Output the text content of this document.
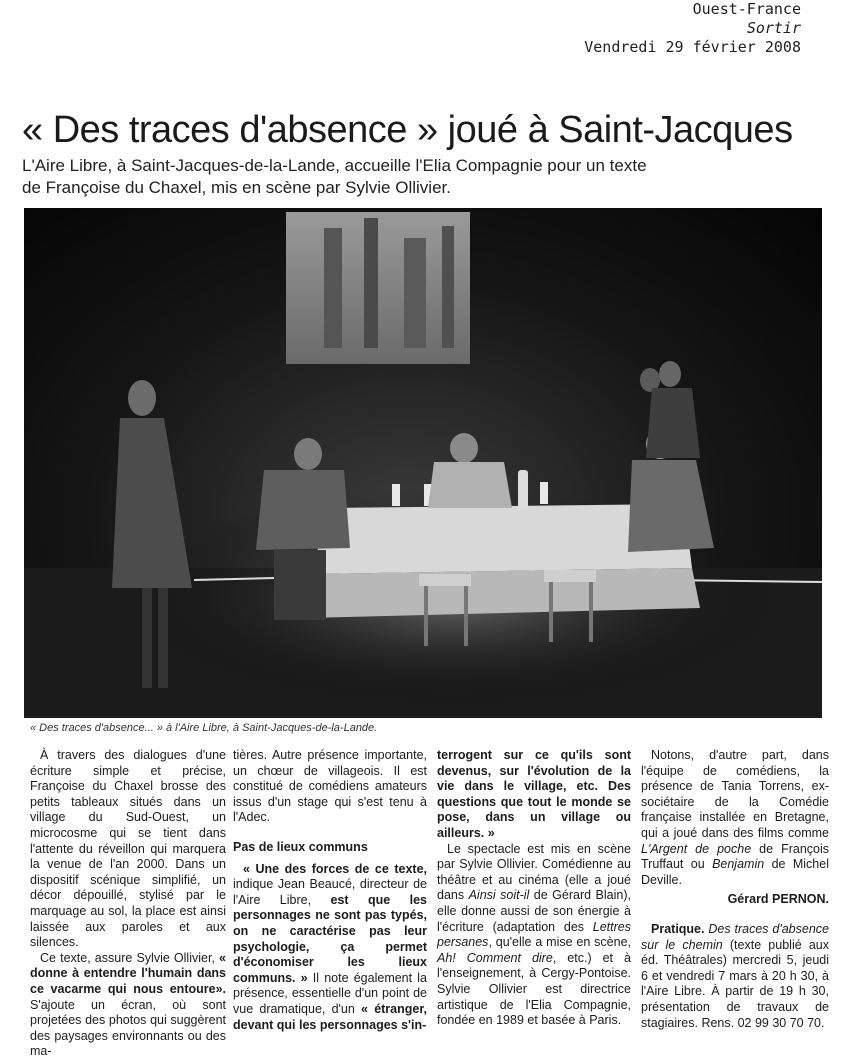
Ouest-France
Sortir
Vendredi 29 février 2008
« Des traces d'absence » joué à Saint-Jacques
L'Aire Libre, à Saint-Jacques-de-la-Lande, accueille l'Elia Compagnie pour un texte
de Françoise du Chaxel, mis en scène par Sylvie Ollivier.
« Des traces d'absence... » à l'Aire Libre, à Saint-Jacques-de-la-Lande.

À travers des dialogues d'une écriture simple et précise, Françoise du Chaxel brosse des petits tableaux situés dans un village du Sud-Ouest, un microcosme qui se tient dans l'attente du réveillon qui marquera la venue de l'an 2000. Dans un dispositif scénique simplifié, un décor dépouillé, stylisé par le marquage au sol, la place est ainsi laissée aux paroles et aux silences.

Ce texte, assure Sylvie Ollivier, « donne à entendre l'humain dans ce vacarme qui nous entoure». S'ajoute un écran, où sont projetées des photos qui suggèrent des paysages environnants ou des ma-

tières. Autre présence importante, un chœur de villageois. Il est constitué de comédiens amateurs issus d'un stage qui s'est tenu à l'Adec.

Pas de lieux communs

« Une des forces de ce texte, indique Jean Beaucé, directeur de l'Aire Libre, est que les personnages ne sont pas typés, on ne caractérise pas leur psychologie, ça permet d'économiser les lieux communs. » Il note également la présence, essentielle d'un point de vue dramatique, d'un « étranger, devant qui les personnages s'in-

terrogent sur ce qu'ils sont devenus, sur l'évolution de la vie dans le village, etc. Des questions que tout le monde se pose, dans un village ou ailleurs. »

Le spectacle est mis en scène par Sylvie Ollivier. Comédienne au théâtre et au cinéma (elle a joué dans Ainsi soit-il de Gérard Blain), elle donne aussi de son énergie à l'écriture (adaptation des Lettres persanes, qu'elle a mise en scène, Ah! Comment dire, etc.) et à l'enseignement, à Cergy-Pontoise. Sylvie Ollivier est directrice artistique de l'Elia Compagnie, fondée en 1989 et basée à Paris.

Notons, d'autre part, dans l'équipe de comédiens, la présence de Tania Torrens, ex-sociétaire de la Comédie française installée en Bretagne, qui a joué dans des films comme L'Argent de poche de François Truffaut ou Benjamin de Michel Deville.

Gérard PERNON.

Pratique. Des traces d'absence sur le chemin (texte publié aux éd. Théâtrales) mercredi 5, jeudi 6 et vendredi 7 mars à 20 h 30, à l'Aire Libre. À partir de 19 h 30, présentation de travaux de stagiaires. Rens. 02 99 30 70 70.
